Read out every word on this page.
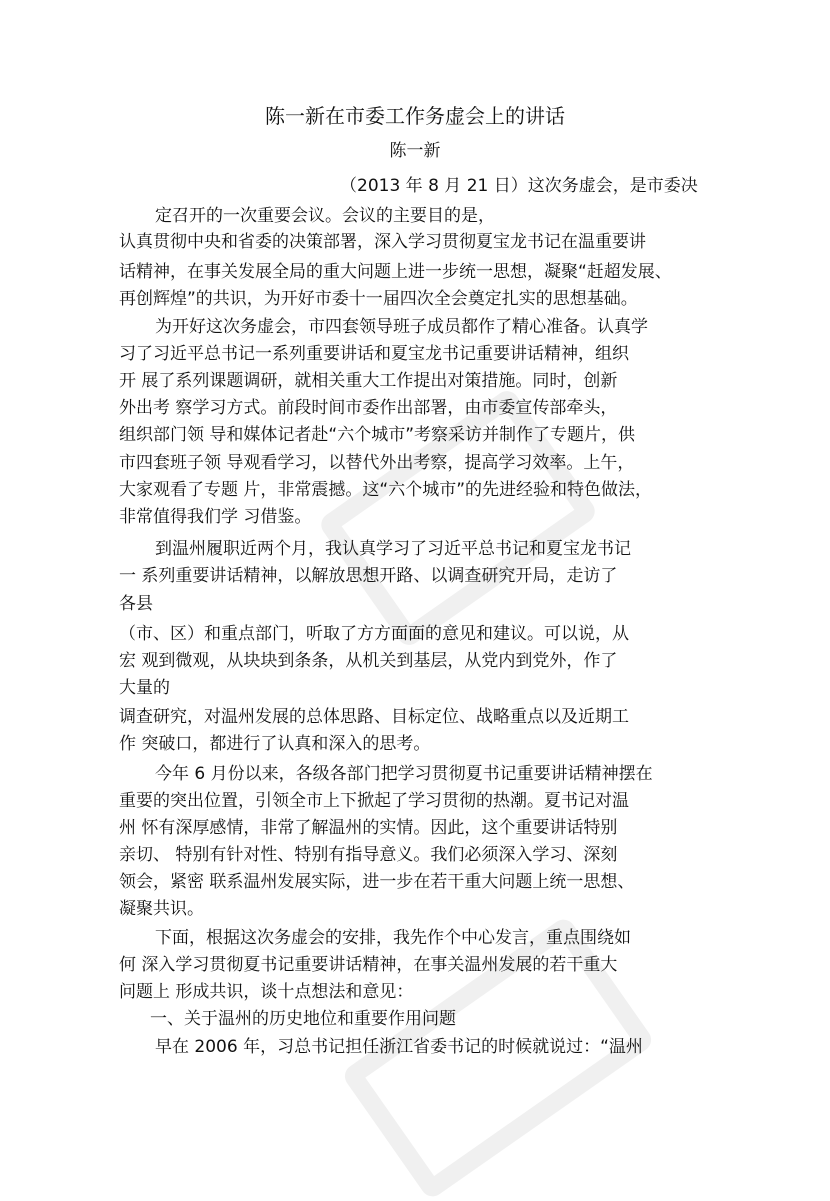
陈一新在市委工作务虚会上的讲话
陈一新
（2013 年 8 月 21 日）这次务虚会，是市委决
定召开的一次重要会议。会议的主要目的是，
认真贯彻中央和省委的决策部署，深入学习贯彻夏宝龙书记在温重要讲
话精神，在事关发展全局的重大问题上进一步统一思想，凝聚“赶超发展、
再创辉煌”的共识，为开好市委十一届四次全会奠定扎实的思想基础。
为开好这次务虚会，市四套领导班子成员都作了精心准备。认真学
习了习近平总书记一系列重要讲话和夏宝龙书记重要讲话精神，组织
开 展了系列课题调研，就相关重大工作提出对策措施。同时，创新
外出考 察学习方式。前段时间市委作出部署，由市委宣传部牵头，
组织部门领 导和媒体记者赴“六个城市”考察采访并制作了专题片，供
市四套班子领 导观看学习，以替代外出考察，提高学习效率。上午，
大家观看了专题 片，非常震撼。这“六个城市”的先进经验和特色做法，
非常值得我们学 习借鉴。
到温州履职近两个月，我认真学习了习近平总书记和夏宝龙书记
一 系列重要讲话精神，以解放思想开路、以调查研究开局，走访了
各县
（市、区）和重点部门，听取了方方面面的意见和建议。可以说，从
宏 观到微观，从块块到条条，从机关到基层，从党内到党外，作了
大量的
调查研究，对温州发展的总体思路、目标定位、战略重点以及近期工
作 突破口，都进行了认真和深入的思考。
今年 6 月份以来，各级各部门把学习贯彻夏书记重要讲话精神摆在
重要的突出位置，引领全市上下掀起了学习贯彻的热潮。夏书记对温
州 怀有深厚感情，非常了解温州的实情。因此，这个重要讲话特别
亲切、 特别有针对性、特别有指导意义。我们必须深入学习、深刻
领会，紧密 联系温州发展实际，进一步在若干重大问题上统一思想、
凝聚共识。
下面，根据这次务虚会的安排，我先作个中心发言，重点围绕如
何 深入学习贯彻夏书记重要讲话精神，在事关温州发展的若干重大
问题上 形成共识，谈十点想法和意见：
一、关于温州的历史地位和重要作用问题
早在 2006 年，习总书记担任浙江省委书记的时候就说过：“温州
